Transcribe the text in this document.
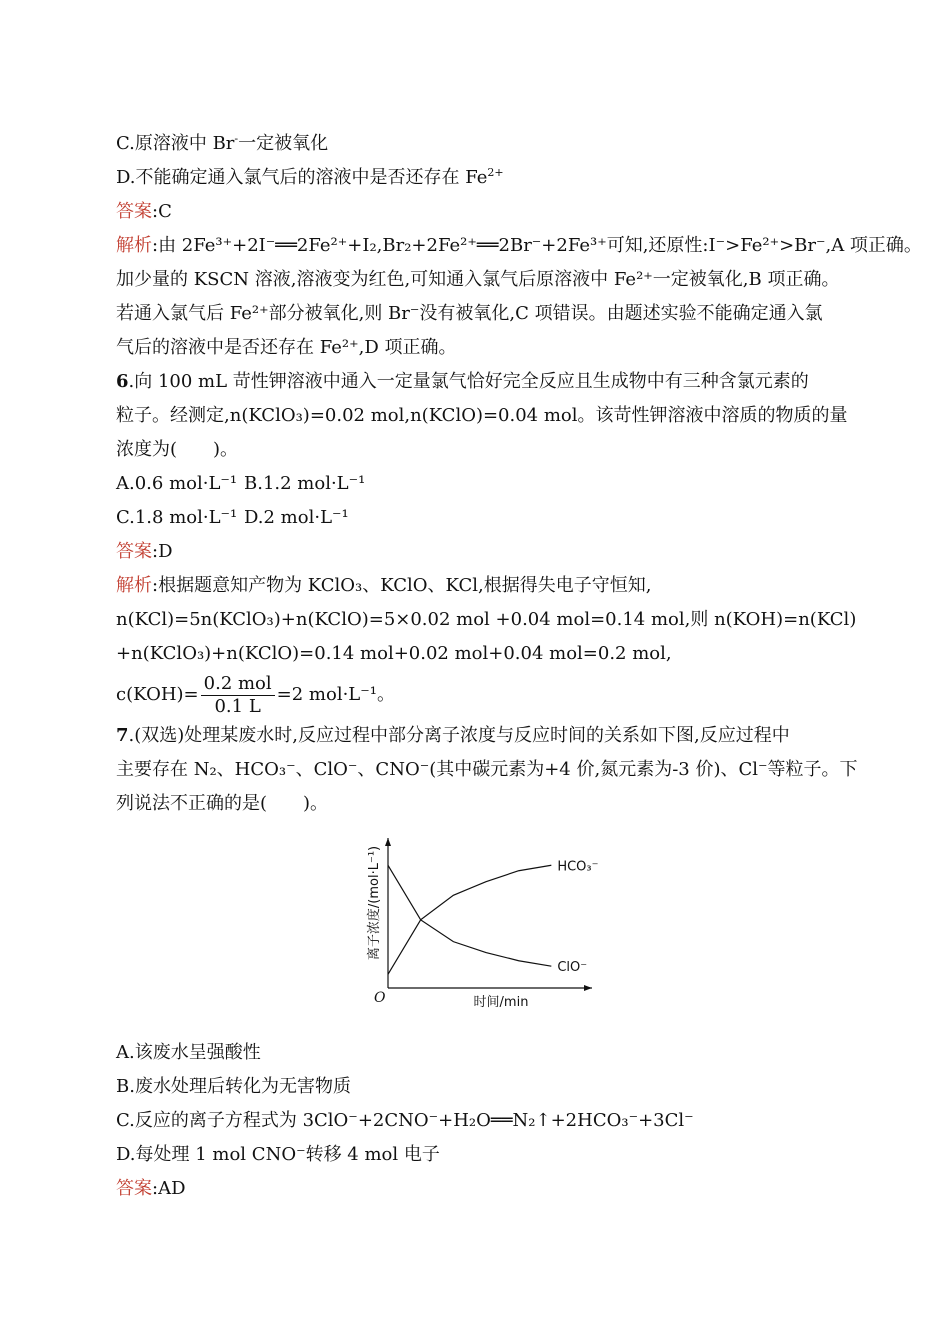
C.原溶液中 Br-一定被氧化
D.不能确定通入氯气后的溶液中是否还存在 $Fe^{2+}$
答案:C
解析:由 2Fe³⁺+2I⁻══2Fe²⁺+I₂,Br₂+2Fe²⁺══2Br⁻+2Fe³⁺可知,还原性:I⁻>Fe²⁺>Br⁻,A 项正确。
加少量的 KSCN 溶液,溶液变为红色,可知通入氯气后原溶液中 Fe²⁺一定被氧化,B 项正确。
若通入氯气后 Fe²⁺部分被氧化,则 Br⁻没有被氧化,C 项错误。由题述实验不能确定通入氯
气后的溶液中是否还存在 Fe²⁺,D 项正确。
6.向 100 mL 苛性钾溶液中通入一定量氯气恰好完全反应且生成物中有三种含氯元素的
粒子。经测定,n(KClO₃)=0.02 mol,n(KClO)=0.04 mol。该苛性钾溶液中溶质的物质的量
浓度为(　　)。
A.0.6 mol·L⁻¹ B.1.2 mol·L⁻¹
C.1.8 mol·L⁻¹ D.2 mol·L⁻¹
答案:D
解析:根据题意知产物为 KClO₃、KClO、KCl,根据得失电子守恒知,
n(KCl)=5n(KClO₃)+n(KClO)=5×0.02 mol +0.04 mol=0.14 mol,则 n(KOH)=n(KCl)
+n(KClO₃)+n(KClO)=0.14 mol+0.02 mol+0.04 mol=0.2 mol,
$c(KOH)= \frac{\text{0.2 mol}}{0.1 L} =2$ mol·L⁻¹。
7.(双选)处理某废水时,反应过程中部分离子浓度与反应时间的关系如下图,反应过程中
主要存在 N₂、HCO₃⁻、ClO⁻、CNO⁻(其中碳元素为+4 价,氮元素为-3 价)、Cl⁻等粒子。下
列说法不正确的是(　　)。
HCO₃⁻
ClO⁻
时间/min
O
离子浓度/(mol·L⁻¹)
A.该废水呈强酸性
B.废水处理后转化为无害物质
C.反应的离子方程式为 3ClO⁻+2CNO⁻+H₂O══N₂↑+2HCO₃⁻+3Cl⁻
D.每处理 1 mol CNO⁻转移 4 mol 电子
答案:AD
